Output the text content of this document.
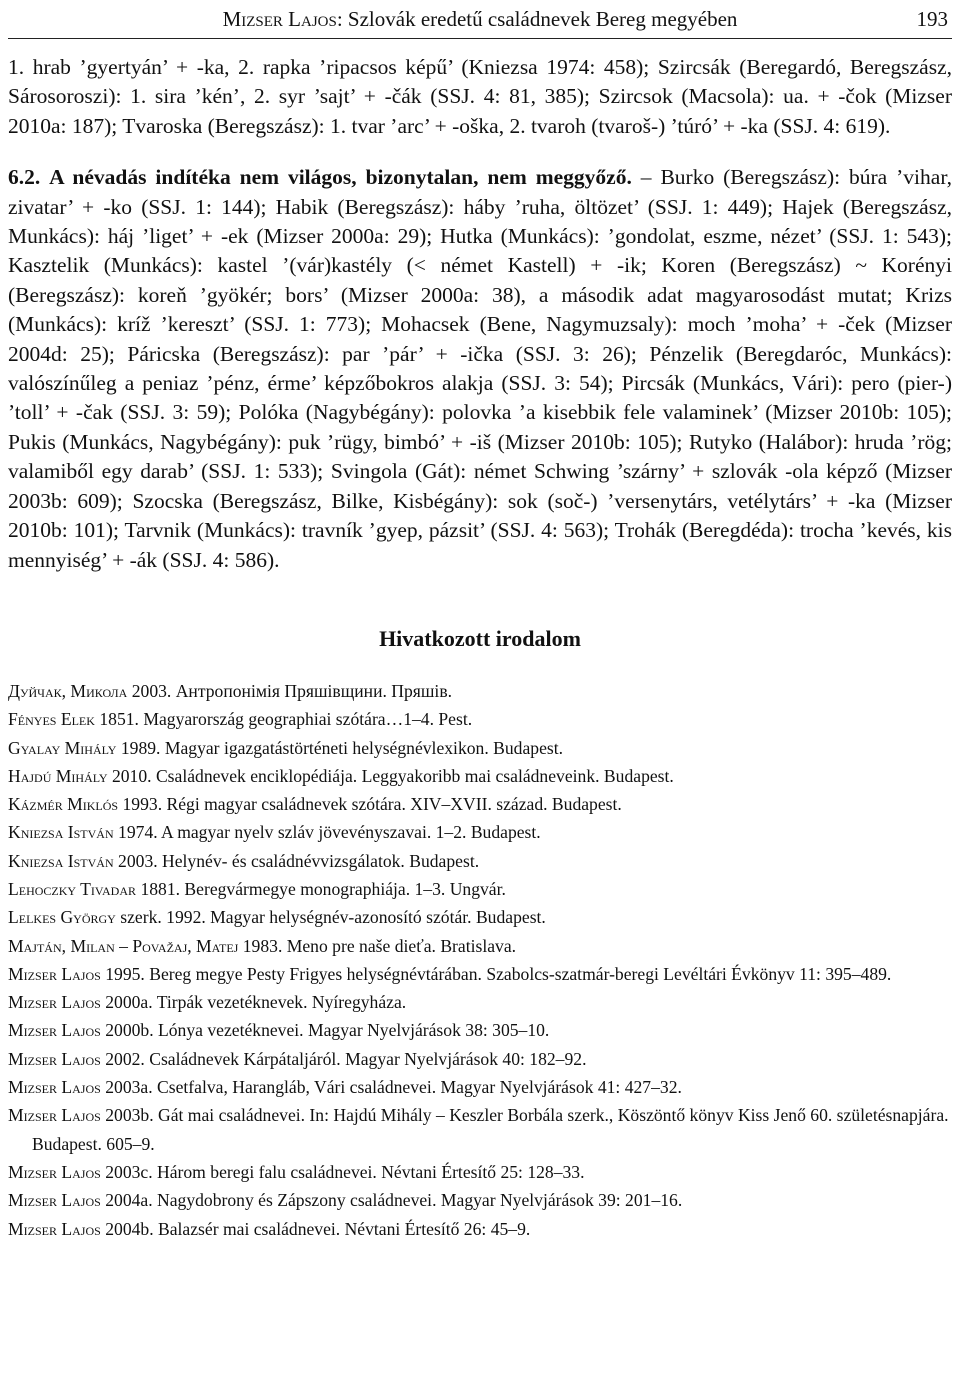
Mizser Lajos: Szlovák eredetű családnevek Bereg megyében	193

1. hrab ’gyertyán’ + -ka, 2. rapka ’ripacsos képű’ (Kniezsa 1974: 458); Szircsák (Beregardó, Beregszász, Sárosoroszi): 1. sira ’kén’, 2. syr ’sajt’ + -čák (SSJ. 4: 81, 385); Szircsok (Macsola): ua. + -čok (Mizser 2010a: 187); Tvaroska (Beregszász): 1. tvar ’arc’ + -oška, 2. tvaroh (tvaroš-) ’túró’ + -ka (SSJ. 4: 619).

6.2. A névadás indítéka nem világos, bizonytalan, nem meggyőző. – Burko (Beregszász): búra ’vihar, zivatar’ + -ko (SSJ. 1: 144); Habik (Beregszász): háby ’ruha, öltözet’ (SSJ. 1: 449); Hajek (Beregszász, Munkács): háj ’liget’ + -ek (Mizser 2000a: 29); Hutka (Munkács): ’gondolat, eszme, nézet’ (SSJ. 1: 543); Kasztelik (Munkács): kastel ’(vár)kastély (< német Kastell) + -ik; Koren (Beregszász) ~ Korényi (Beregszász): koreň ’gyökér; bors’ (Mizser 2000a: 38), a második adat magyarosodást mutat; Krizs (Munkács): kríž ’kereszt’ (SSJ. 1: 773); Mohacsek (Bene, Nagymuzsaly): moch ’moha’ + -ček (Mizser 2004d: 25); Páricska (Beregszász): par ’pár’ + -ička (SSJ. 3: 26); Pénzelik (Beregdaróc, Munkács): valószínűleg a peniaz ’pénz, érme’ képzőbokros alakja (SSJ. 3: 54); Pircsák (Munkács, Vári): pero (pier-) ’toll’ + -čak (SSJ. 3: 59); Polóka (Nagybégány): polovka ’a kisebbik fele valaminek’ (Mizser 2010b: 105); Pukis (Munkács, Nagybégány): puk ’rügy, bimbó’ + -iš (Mizser 2010b: 105); Rutyko (Halábor): hruda ’rög; valamiből egy darab’ (SSJ. 1: 533); Svingola (Gát): német Schwing ’szárny’ + szlovák -ola képző (Mizser 2003b: 609); Szocska (Beregszász, Bilke, Kisbégány): sok (soč-) ’versenytárs, vetélytárs’ + -ka (Mizser 2010b: 101); Tarvnik (Munkács): travník ’gyep, pázsit’ (SSJ. 4: 563); Trohák (Beregdéda): trocha ’kevés, kis mennyiség’ + -ák (SSJ. 4: 586).

Hivatkozott irodalom
Дуйчак, Микола 2003. Антропонімія Пряшівщини. Пряшів.
Fényes Elek 1851. Magyarország geographiai szótára…1–4. Pest.
Gyalay Mihály 1989. Magyar igazgatástörténeti helységnévlexikon. Budapest.
Hajdú Mihály 2010. Családnevek enciklopédiája. Leggyakoribb mai családneveink. Budapest.
Kázmér Miklós 1993. Régi magyar családnevek szótára. XIV–XVII. század. Budapest.
Kniezsa István 1974. A magyar nyelv szláv jövevényszavai. 1–2. Budapest.
Kniezsa István 2003. Helynév- és családnévvizsgálatok. Budapest.
Lehoczky Tivadar 1881. Beregvármegye monographiája. 1–3. Ungvár.
Lelkes György szerk. 1992. Magyar helységnév-azonosító szótár. Budapest.
Majtán, Milan – Považaj, Matej 1983. Meno pre naše dieťa. Bratislava.
Mizser Lajos 1995. Bereg megye Pesty Frigyes helységnévtárában. Szabolcs-szatmár-beregi Levéltári Évkönyv 11: 395–489.
Mizser Lajos 2000a. Tirpák vezetéknevek. Nyíregyháza.
Mizser Lajos 2000b. Lónya vezetéknevei. Magyar Nyelvjárások 38: 305–10.
Mizser Lajos 2002. Családnevek Kárpátaljáról. Magyar Nyelvjárások 40: 182–92.
Mizser Lajos 2003a. Csetfalva, Harangláb, Vári családnevei. Magyar Nyelvjárások 41: 427–32.
Mizser Lajos 2003b. Gát mai családnevei. In: Hajdú Mihály – Keszler Borbála szerk., Köszöntő könyv Kiss Jenő 60. születésnapjára. Budapest. 605–9.
Mizser Lajos 2003c. Három beregi falu családnevei. Névtani Értesítő 25: 128–33.
Mizser Lajos 2004a. Nagydobrony és Zápszony családnevei. Magyar Nyelvjárások 39: 201–16.
Mizser Lajos 2004b. Balazsér mai családnevei. Névtani Értesítő 26: 45–9.
